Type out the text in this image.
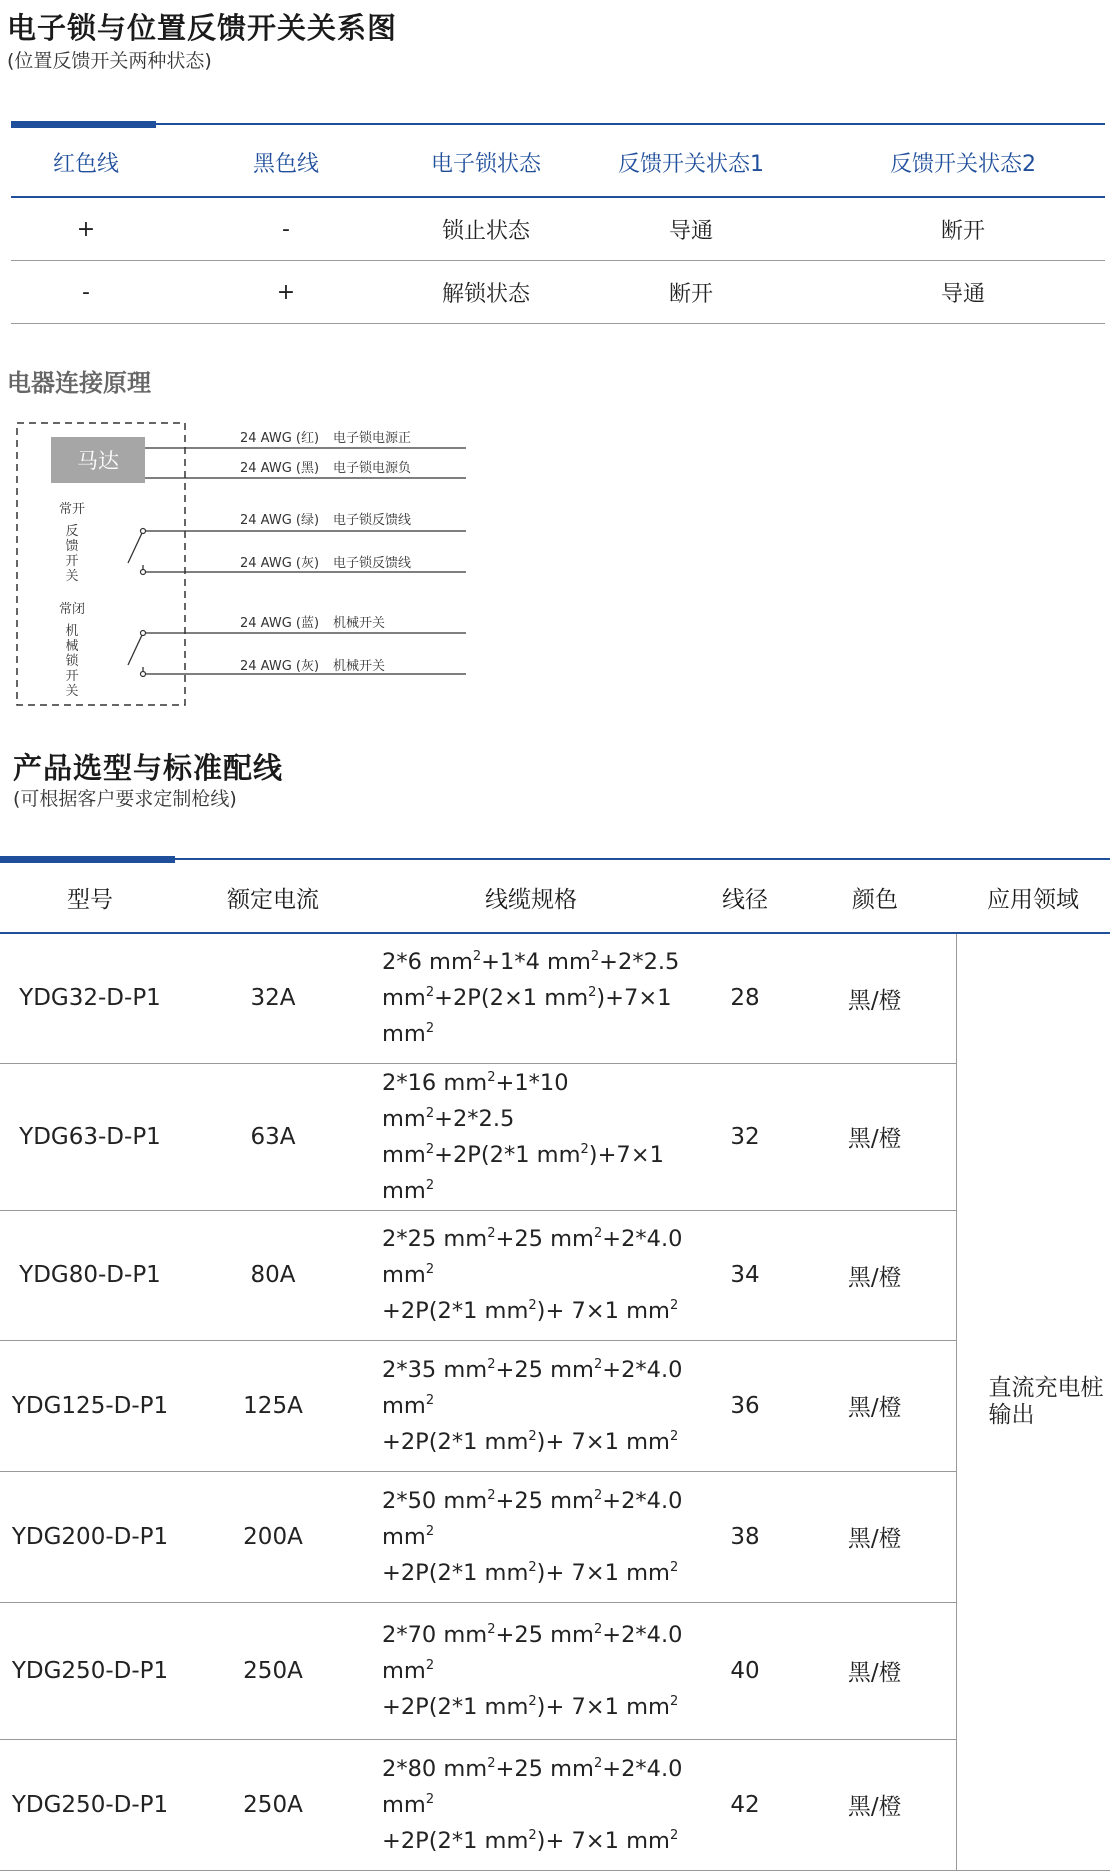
电子锁与位置反馈开关关系图
(位置反馈开关两种状态)
红色线	黑色线	电子锁状态	反馈开关状态1	反馈开关状态2
+	-	锁止状态	导通	断开
-	+	解锁状态	断开	导通
电器连接原理
马达
常开
反馈开关
常闭
机械锁开关
24 AWG (红) 电子锁电源正
24 AWG (黑) 电子锁电源负
24 AWG (绿) 电子锁反馈线
24 AWG (灰) 电子锁反馈线
24 AWG (蓝) 机械开关
24 AWG (灰) 机械开关
产品选型与标准配线
(可根据客户要求定制枪线)
型号	额定电流	线缆规格	线径	颜色	应用领域
YDG32-D-P1	32A	2*6 $mm^2+1*4$ $mm^2+2*2.5$
$mm^2+2P(2\times 1$ $mm^2)+7\times 1$ $mm^2$	28	黑/橙	直流充电桩输出
YDG63-D-P1	63A	2*16 $mm^2+1*10$ $mm^2+2*2.5$
$mm^2+2P(2*1$ $mm^2)+7\times 1$ $mm^2$	32	黑/橙	
YDG80-D-P1	80A	2*25 $mm^2+25$ $mm^2+2*4.0$ $mm^2$
+2P(2*1 $mm^2)+ 7\times 1$ $mm^2$	34	黑/橙	
YDG125-D-P1	125A	2*35 $mm^2+25$ $mm^2+2*4.0$ $mm^2$
+2P(2*1 $mm^2)+ 7\times 1$ $mm^2$	36	黑/橙	
YDG200-D-P1	200A	2*50 $mm^2+25$ $mm^2+2*4.0$ $mm^2$
+2P(2*1 $mm^2)+ 7\times 1$ $mm^2$	38	黑/橙	
YDG250-D-P1	250A	2*70 $mm^2+25$ $mm^2+2*4.0$ $mm^2$
+2P(2*1 $mm^2)+ 7\times 1$ $mm^2$	40	黑/橙	
YDG250-D-P1	250A	2*80 $mm^2+25$ $mm^2+2*4.0$ $mm^2$
+2P(2*1 $mm^2)+ 7\times 1$ $mm^2$	42	黑/橙	
